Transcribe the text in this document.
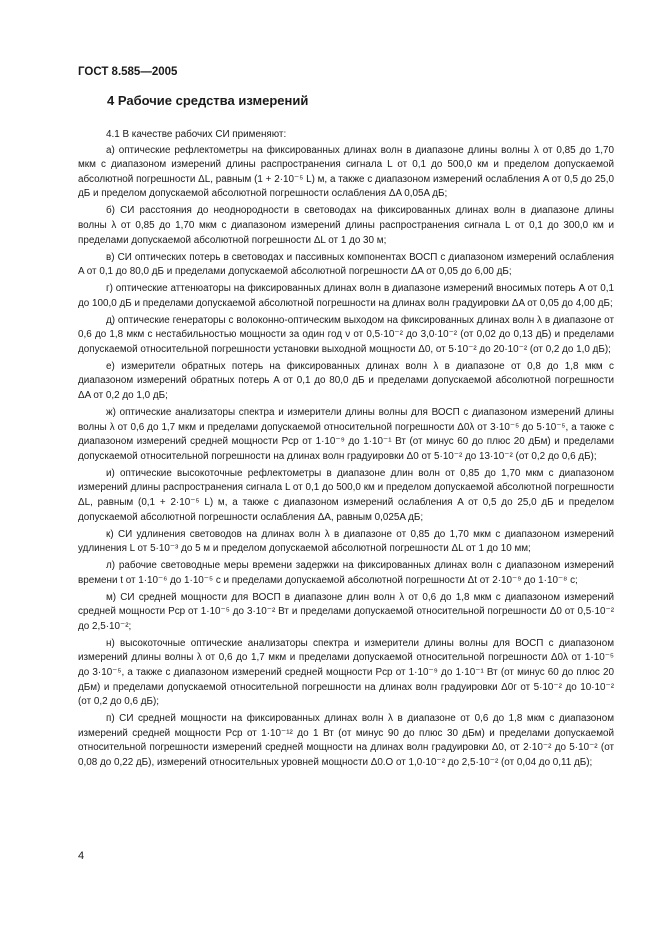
ГОСТ 8.585—2005
4 Рабочие средства измерений

4.1 В качестве рабочих СИ применяют:

а) оптические рефлектометры на фиксированных длинах волн в диапазоне длины волны λ от 0,85 до 1,70 мкм с диапазоном измерений длины распространения сигнала L от 0,1 до 500,0 км и пределом допускаемой абсолютной погрешности ΔL, равным (1 + 2·10⁻⁵ L) м, а также с диапазоном измерений ослабления A от 0,5 до 25,0 дБ и пределом допускаемой абсолютной погрешности ослабления ΔA 0,05A дБ;

б) СИ расстояния до неоднородности в световодах на фиксированных длинах волн в диапазоне длины волны λ от 0,85 до 1,70 мкм с диапазоном измерений длины распространения сигнала L от 0,1 до 300,0 км и пределами допускаемой абсолютной погрешности ΔL от 1 до 30 м;

в) СИ оптических потерь в световодах и пассивных компонентах ВОСП с диапазоном измерений ослабления A от 0,1 до 80,0 дБ и пределами допускаемой абсолютной погрешности ΔA от 0,05 до 6,00 дБ;

г) оптические аттенюаторы на фиксированных длинах волн в диапазоне измерений вносимых потерь A от 0,1 до 100,0 дБ и пределами допускаемой абсолютной погрешности на длинах волн градуировки ΔA от 0,05 до 4,00 дБ;

д) оптические генераторы с волоконно-оптическим выходом на фиксированных длинах волн λ в диапазоне от 0,6 до 1,8 мкм с нестабильностью мощности за один год ν от 0,5·10⁻² до 3,0·10⁻² (от 0,02 до 0,13 дБ) и пределами допускаемой относительной погрешности установки выходной мощности Δ0, от 5·10⁻² до 20·10⁻² (от 0,2 до 1,0 дБ);

е) измерители обратных потерь на фиксированных длинах волн λ в диапазоне от 0,8 до 1,8 мкм с диапазоном измерений обратных потерь A от 0,1 до 80,0 дБ и пределами допускаемой абсолютной погрешности ΔA от 0,2 до 1,0 дБ;

ж) оптические анализаторы спектра и измерители длины волны для ВОСП с диапазоном измерений длины волны λ от 0,6 до 1,7 мкм и пределами допускаемой относительной погрешности Δ0λ от 3·10⁻⁵ до 5·10⁻⁵, а также с диапазоном измерений средней мощности Pср от 1·10⁻⁹ до 1·10⁻¹ Вт (от минус 60 до плюс 20 дБм) и пределами допускаемой относительной погрешности на длинах волн градуировки Δ0 от 5·10⁻² до 13·10⁻² (от 0,2 до 0,6 дБ);

и) оптические высокоточные рефлектометры в диапазоне длин волн от 0,85 до 1,70 мкм с диапазоном измерений длины распространения сигнала L от 0,1 до 500,0 км и пределом допускаемой абсолютной погрешности ΔL, равным (0,1 + 2·10⁻⁵ L) м, а также с диапазоном измерений ослабления A от 0,5 до 25,0 дБ и пределом допускаемой абсолютной погрешности ослабления ΔA, равным 0,025A дБ;

к) СИ удлинения световодов на длинах волн λ в диапазоне от 0,85 до 1,70 мкм с диапазоном измерений удлинения L от 5·10⁻³ до 5 м и пределом допускаемой абсолютной погрешности ΔL от 1 до 10 мм;

л) рабочие световодные меры времени задержки на фиксированных длинах волн с диапазоном измерений времени t от 1·10⁻⁶ до 1·10⁻⁵ с и пределами допускаемой абсолютной погрешности Δt от 2·10⁻⁹ до 1·10⁻⁸ с;

м) СИ средней мощности для ВОСП в диапазоне длин волн λ от 0,6 до 1,8 мкм с диапазоном измерений средней мощности Pср от 1·10⁻⁵ до 3·10⁻² Вт и пределами допускаемой относительной погрешности Δ0 от 0,5·10⁻² до 2,5·10⁻²;

н) высокоточные оптические анализаторы спектра и измерители длины волны для ВОСП с диапазоном измерений длины волны λ от 0,6 до 1,7 мкм и пределами допускаемой относительной погрешности Δ0λ от 1·10⁻⁵ до 3·10⁻⁵, а также с диапазоном измерений средней мощности Pср от 1·10⁻⁹ до 1·10⁻¹ Вт (от минус 60 до плюс 20 дБм) и пределами допускаемой относительной погрешности на длинах волн градуировки Δ0г от 5·10⁻² до 10·10⁻² (от 0,2 до 0,6 дБ);

п) СИ средней мощности на фиксированных длинах волн λ в диапазоне от 0,6 до 1,8 мкм с диапазоном измерений средней мощности Pср от 1·10⁻¹² до 1 Вт (от минус 90 до плюс 30 дБм) и пределами допускаемой относительной погрешности измерений средней мощности на длинах волн градуировки Δ0, от 2·10⁻² до 5·10⁻² (от 0,08 до 0,22 дБ), измерений относительных уровней мощности Δ0.О от 1,0·10⁻² до 2,5·10⁻² (от 0,04 до 0,11 дБ);

4
